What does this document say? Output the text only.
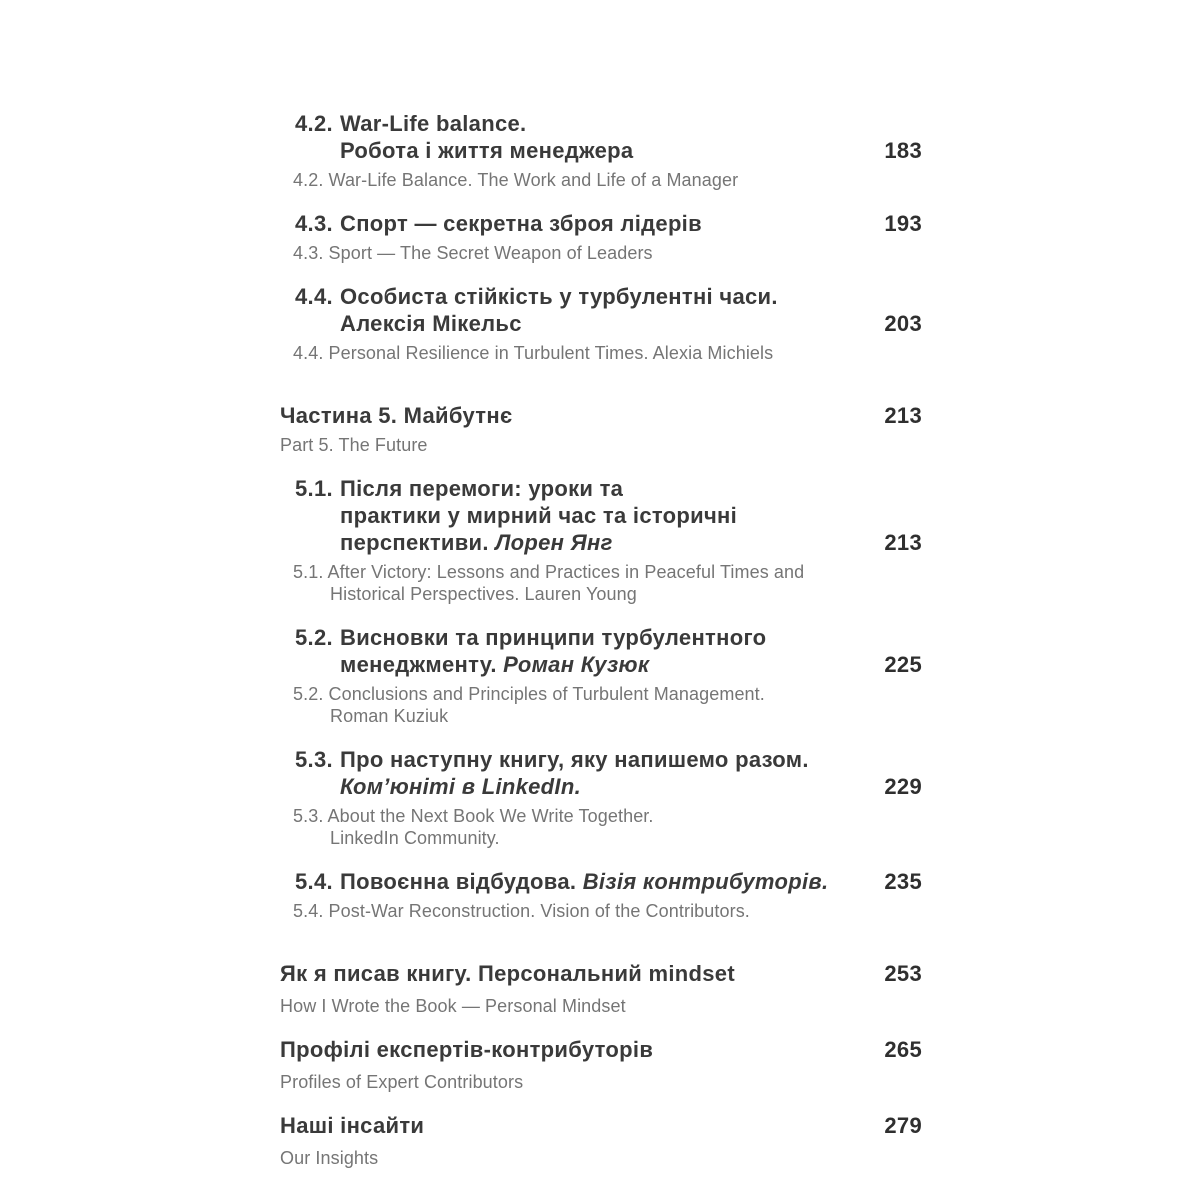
4.2. War-Life balance.
Робота і життя менеджера	183
4.2. War-Life Balance. The Work and Life of a Manager
4.3. Спорт — секретна зброя лідерів	193
4.3. Sport — The Secret Weapon of Leaders
4.4. Особиста стійкість у турбулентні часи.
Алексія Мікельс	203
4.4. Personal Resilience in Turbulent Times. Alexia Michiels
Частина 5. Майбутнє	213
Part 5. The Future
5.1. Після перемоги: уроки та
практики у мирний час та історичні
перспективи. Лорен Янг	213
5.1. After Victory: Lessons and Practices in Peaceful Times and
Historical Perspectives. Lauren Young
5.2. Висновки та принципи турбулентного
менеджменту. Роман Кузюк	225
5.2. Conclusions and Principles of Turbulent Management.
Roman Kuziuk
5.3. Про наступну книгу, яку напишемо разом.
Ком’юніті в LinkedIn.	229
5.3. About the Next Book We Write Together.
LinkedIn Community.
5.4. Повоєнна відбудова. Візія контрибуторів.	235
5.4. Post-War Reconstruction. Vision of the Contributors.
Як я писав книгу. Персональний mindset	253
How I Wrote the Book — Personal Mindset
Профілі експертів-контрибуторів	265
Profiles of Expert Contributors
Наші інсайти	279
Our Insights
